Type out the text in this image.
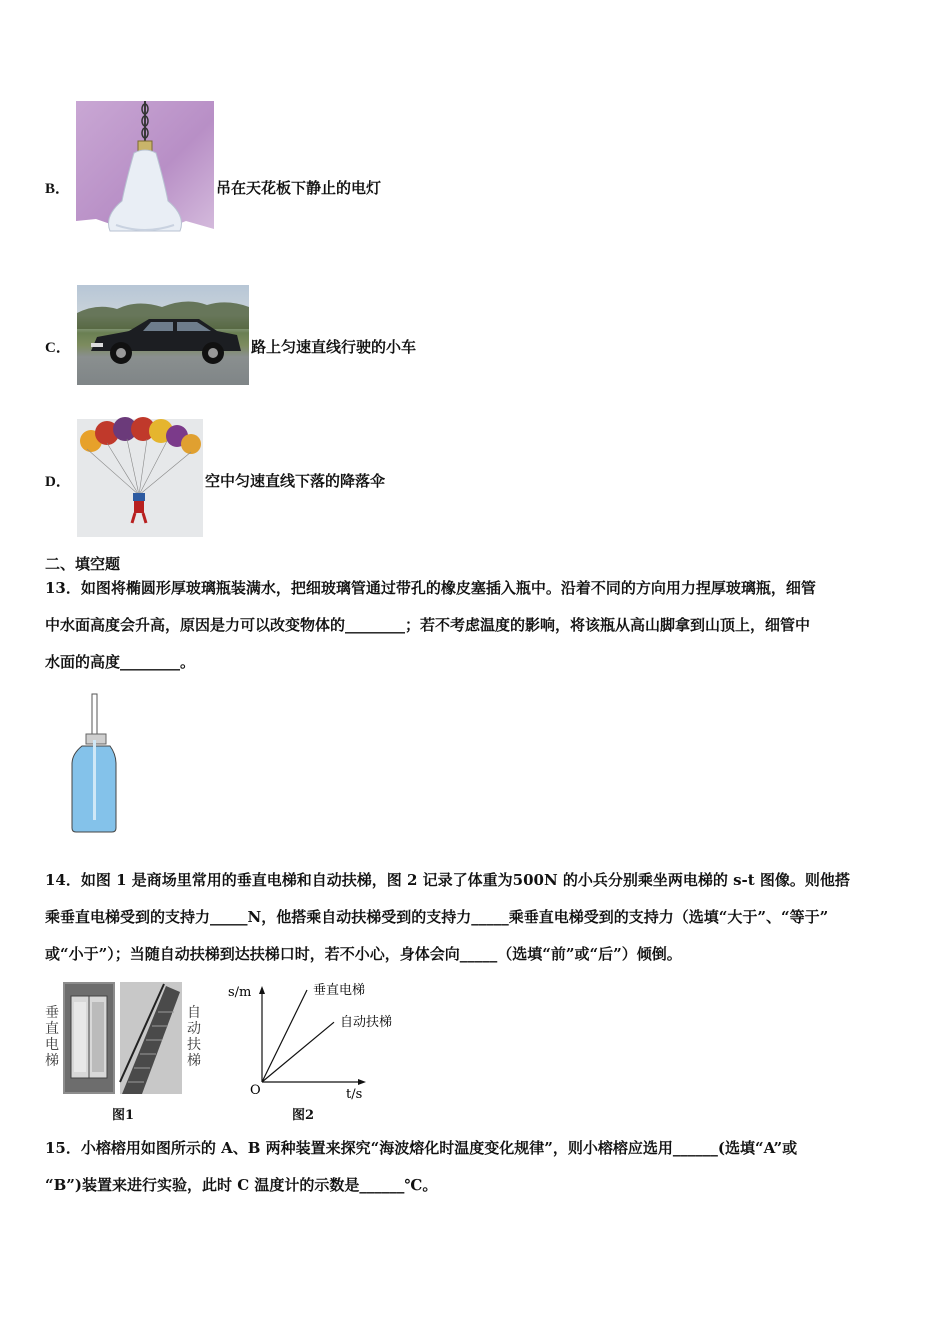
B．	吊在天花板下静止的电灯
C．	路上匀速直线行驶的小车
D．	空中匀速直线下落的降落伞
二、填空题
13．如图将椭圆形厚玻璃瓶装满水，把细玻璃管通过带孔的橡皮塞插入瓶中。沿着不同的方向用力捏厚玻璃瓶，细管
中水面高度会升高，原因是力可以改变物体的________；若不考虑温度的影响，将该瓶从高山脚拿到山顶上，细管中
水面的高度________。
14．如图 1 是商场里常用的垂直电梯和自动扶梯，图 2 记录了体重为500N 的小兵分别乘坐两电梯的 s-t 图像。则他搭
乘垂直电梯受到的支持力_____N，他搭乘自动扶梯受到的支持力_____乘垂直电梯受到的支持力（选填“大于”、“等于”
或“小于”）；当随自动扶梯到达扶梯口时，若不小心，身体会向_____（选填“前”或“后”）倾倒。
垂直电梯
自动扶梯
图1
s/m
t/s
O
垂直电梯
自动扶梯
图2
15．小榕榕用如图所示的 A、B 两种装置来探究“海波熔化时温度变化规律”，则小榕榕应选用______(选填“A”或
“B”)装置来进行实验，此时 C 温度计的示数是______℃。
